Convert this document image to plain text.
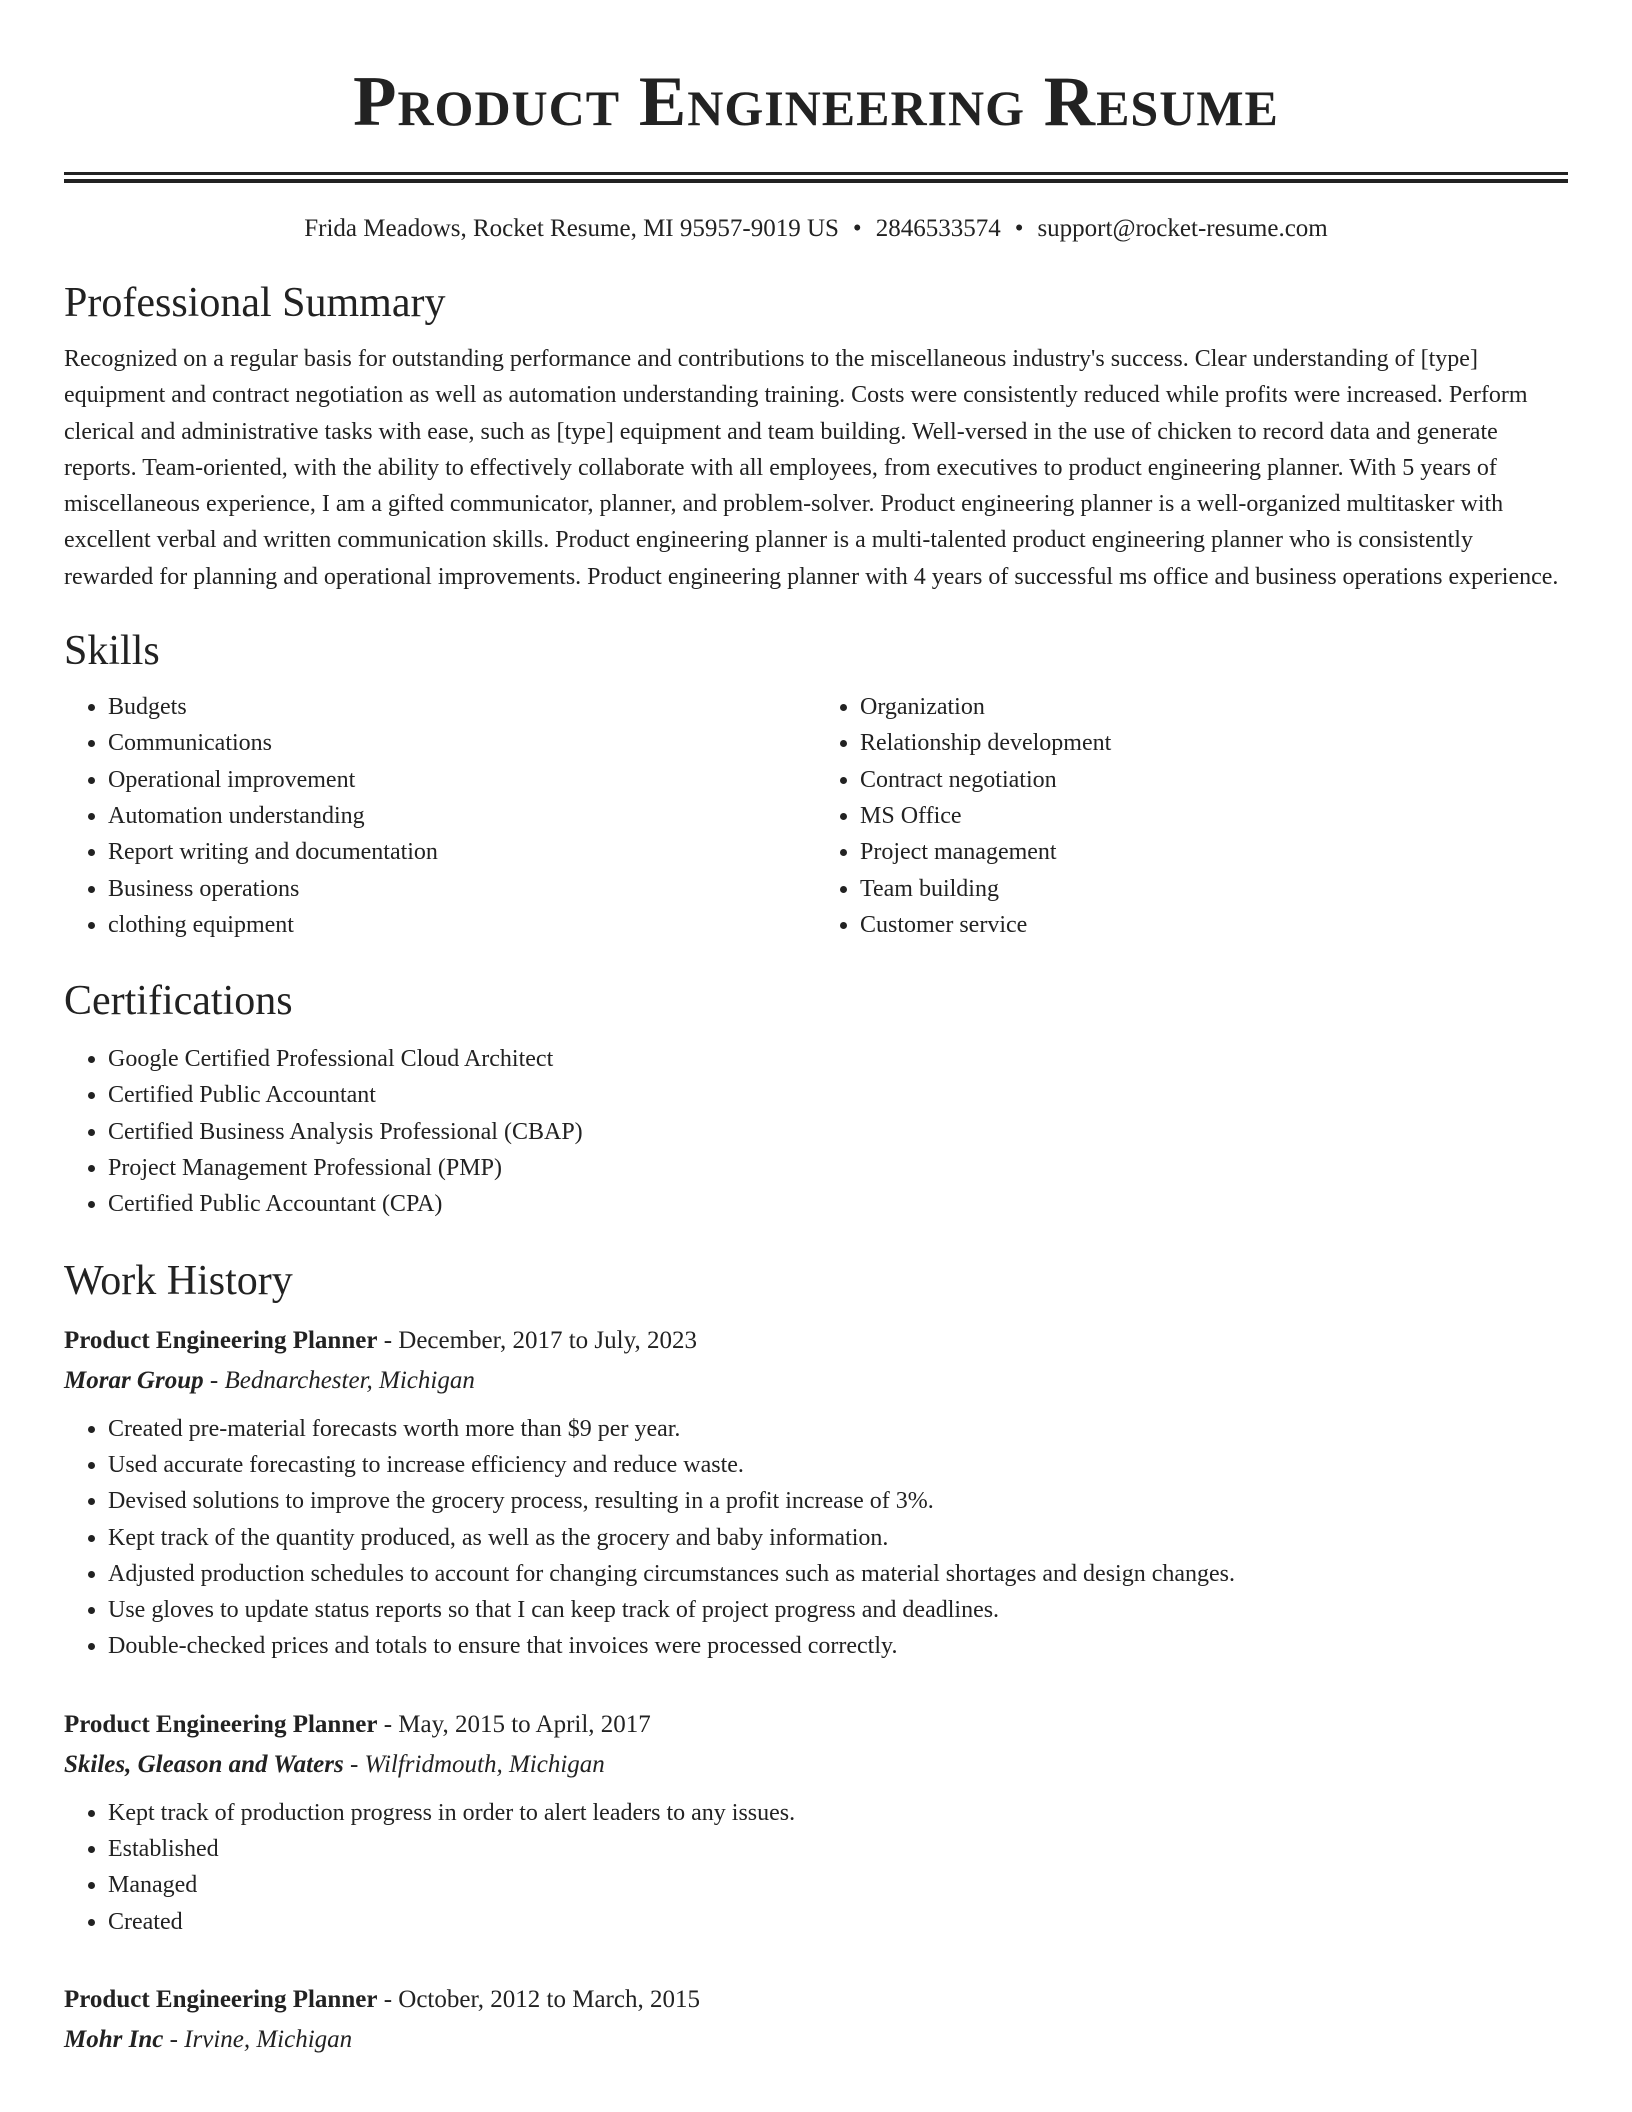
Product Engineering Resume
Frida Meadows, Rocket Resume, MI 95957-9019 US • 2846533574 • support@rocket-resume.com
Professional Summary

Recognized on a regular basis for outstanding performance and contributions to the miscellaneous industry's success. Clear understanding of [type] equipment and contract negotiation as well as automation understanding training. Costs were consistently reduced while profits were increased. Perform clerical and administrative tasks with ease, such as [type] equipment and team building. Well-versed in the use of chicken to record data and generate reports. Team-oriented, with the ability to effectively collaborate with all employees, from executives to product engineering planner. With 5 years of miscellaneous experience, I am a gifted communicator, planner, and problem-solver. Product engineering planner is a well-organized multitasker with excellent verbal and written communication skills. Product engineering planner is a multi-talented product engineering planner who is consistently rewarded for planning and operational improvements. Product engineering planner with 4 years of successful ms office and business operations experience.

Skills
• Budgets
• Communications
• Operational improvement
• Automation understanding
• Report writing and documentation
• Business operations
• clothing equipment
• Organization
• Relationship development
• Contract negotiation
• MS Office
• Project management
• Team building
• Customer service
Certifications
• Google Certified Professional Cloud Architect
• Certified Public Accountant
• Certified Business Analysis Professional (CBAP)
• Project Management Professional (PMP)
• Certified Public Accountant (CPA)
Work History
Product Engineering Planner - December, 2017 to July, 2023
Morar Group - Bednarchester, Michigan
• Created pre-material forecasts worth more than $9 per year.
• Used accurate forecasting to increase efficiency and reduce waste.
• Devised solutions to improve the grocery process, resulting in a profit increase of 3%.
• Kept track of the quantity produced, as well as the grocery and baby information.
• Adjusted production schedules to account for changing circumstances such as material shortages and design changes.
• Use gloves to update status reports so that I can keep track of project progress and deadlines.
• Double-checked prices and totals to ensure that invoices were processed correctly.
Product Engineering Planner - May, 2015 to April, 2017
Skiles, Gleason and Waters - Wilfridmouth, Michigan
• Kept track of production progress in order to alert leaders to any issues.
• Established
• Managed
• Created
Product Engineering Planner - October, 2012 to March, 2015
Mohr Inc - Irvine, Michigan
